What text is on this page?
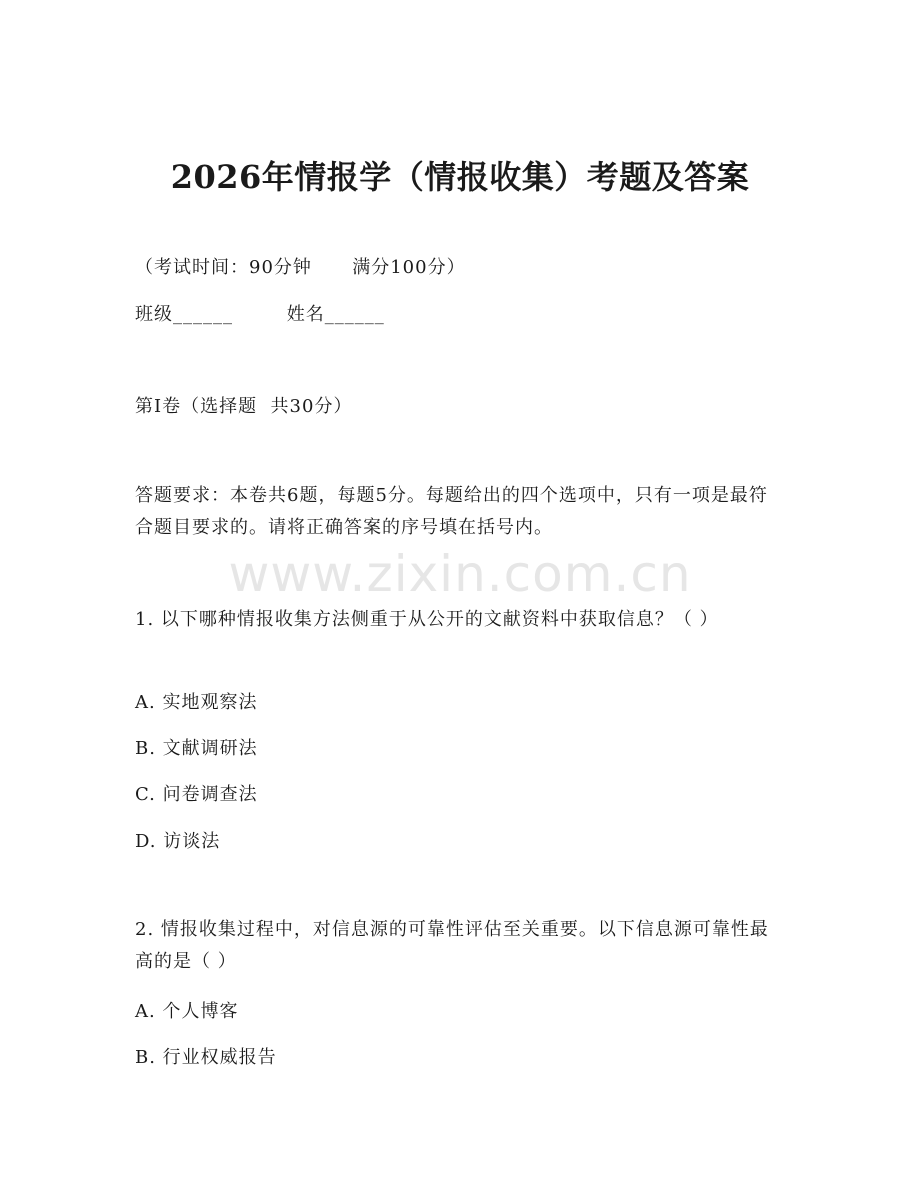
www.zixin.com.cn
2026年情报学（情报收集）考题及答案
（考试时间：90分钟      满分100分）
班级______        姓名______
第I卷（选择题  共30分）
答题要求：本卷共6题，每题5分。每题给出的四个选项中，只有一项是最符合题目要求的。请将正确答案的序号填在括号内。
1. 以下哪种情报收集方法侧重于从公开的文献资料中获取信息？（ ）
A. 实地观察法
B. 文献调研法
C. 问卷调查法
D. 访谈法
2. 情报收集过程中，对信息源的可靠性评估至关重要。以下信息源可靠性最高的是（ ）
A. 个人博客
B. 行业权威报告
